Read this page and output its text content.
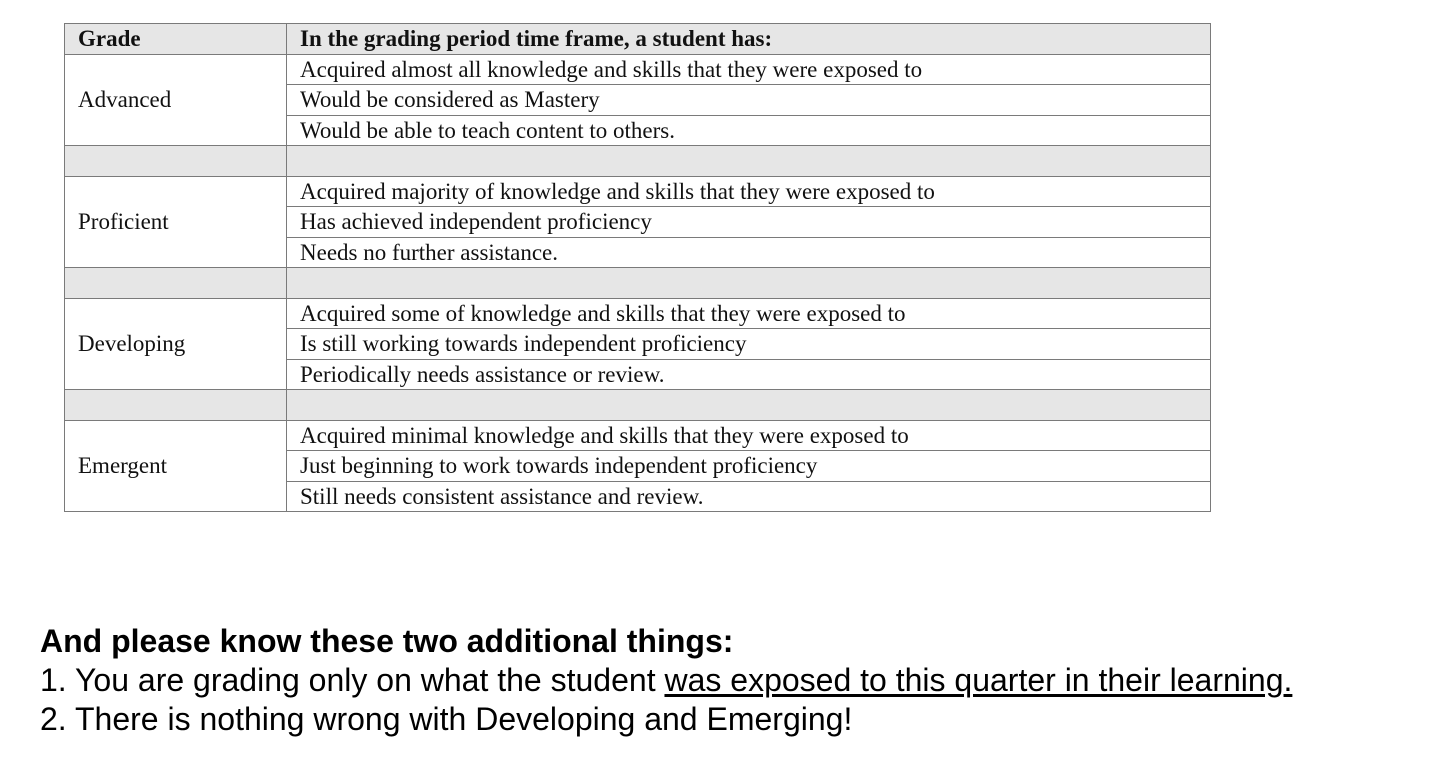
Grade	In the grading period time frame, a student has:
Advanced	Acquired almost all knowledge and skills that they were exposed to
	Would be considered as Mastery
	Would be able to teach content to others.

Proficient	Acquired majority of knowledge and skills that they were exposed to
	Has achieved independent proficiency
	Needs no further assistance.

Developing	Acquired some of knowledge and skills that they were exposed to
	Is still working towards independent proficiency
	Periodically needs assistance or review.

Emergent	Acquired minimal knowledge and skills that they were exposed to
	Just beginning to work towards independent proficiency
	Still needs consistent assistance and review.
And please know these two additional things:
1. You are grading only on what the student was exposed to this quarter in their learning.
2. There is nothing wrong with Developing and Emerging!
